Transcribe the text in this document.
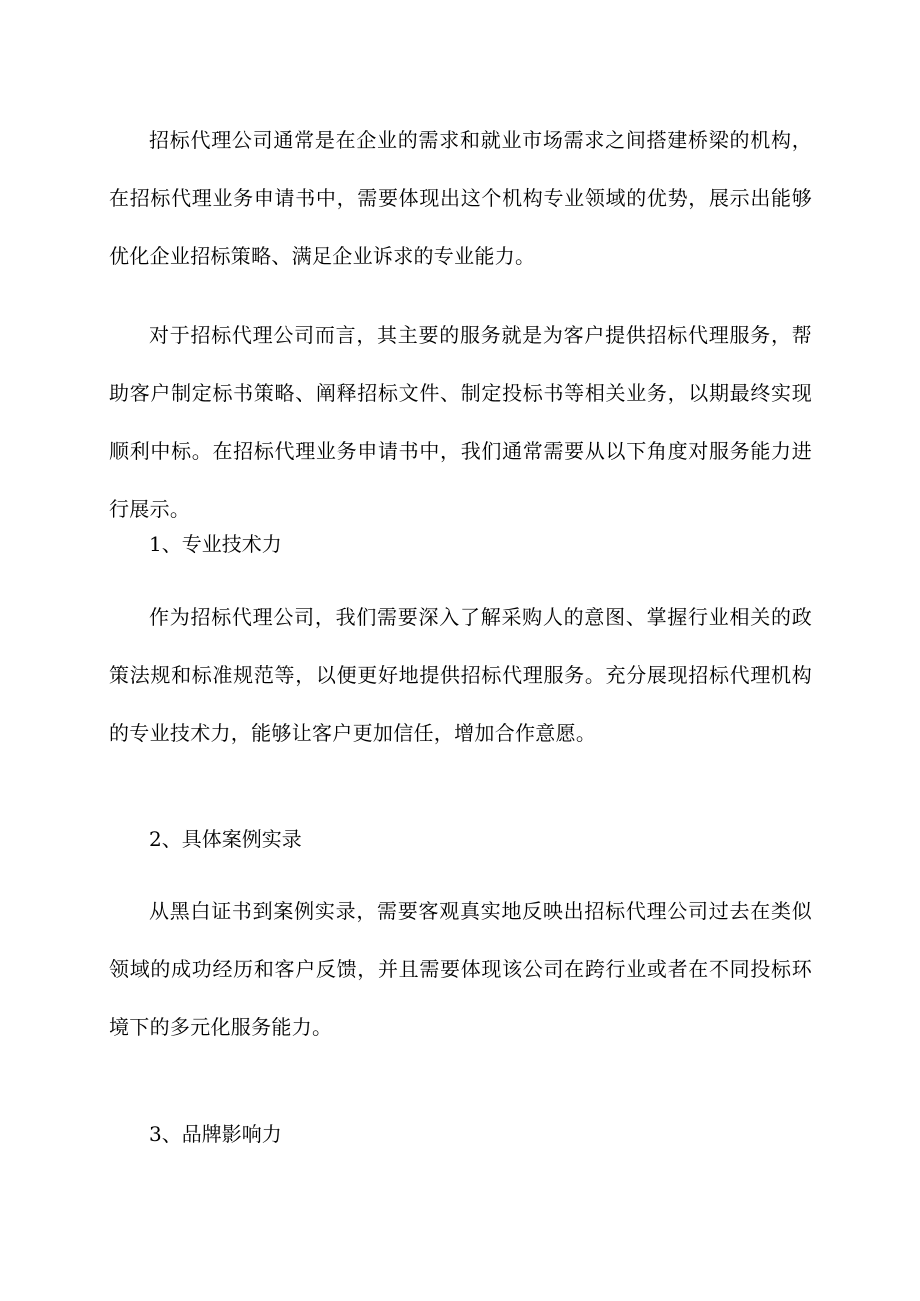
招标代理公司通常是在企业的需求和就业市场需求之间搭建桥梁的机构，在招标代理业务申请书中，需要体现出这个机构专业领域的优势，展示出能够优化企业招标策略、满足企业诉求的专业能力。

对于招标代理公司而言，其主要的服务就是为客户提供招标代理服务，帮助客户制定标书策略、阐释招标文件、制定投标书等相关业务，以期最终实现顺利中标。在招标代理业务申请书中，我们通常需要从以下角度对服务能力进行展示。

1、专业技术力

作为招标代理公司，我们需要深入了解采购人的意图、掌握行业相关的政策法规和标准规范等，以便更好地提供招标代理服务。充分展现招标代理机构的专业技术力，能够让客户更加信任，增加合作意愿。

2、具体案例实录

从黑白证书到案例实录，需要客观真实地反映出招标代理公司过去在类似领域的成功经历和客户反馈，并且需要体现该公司在跨行业或者在不同投标环境下的多元化服务能力。

3、品牌影响力
